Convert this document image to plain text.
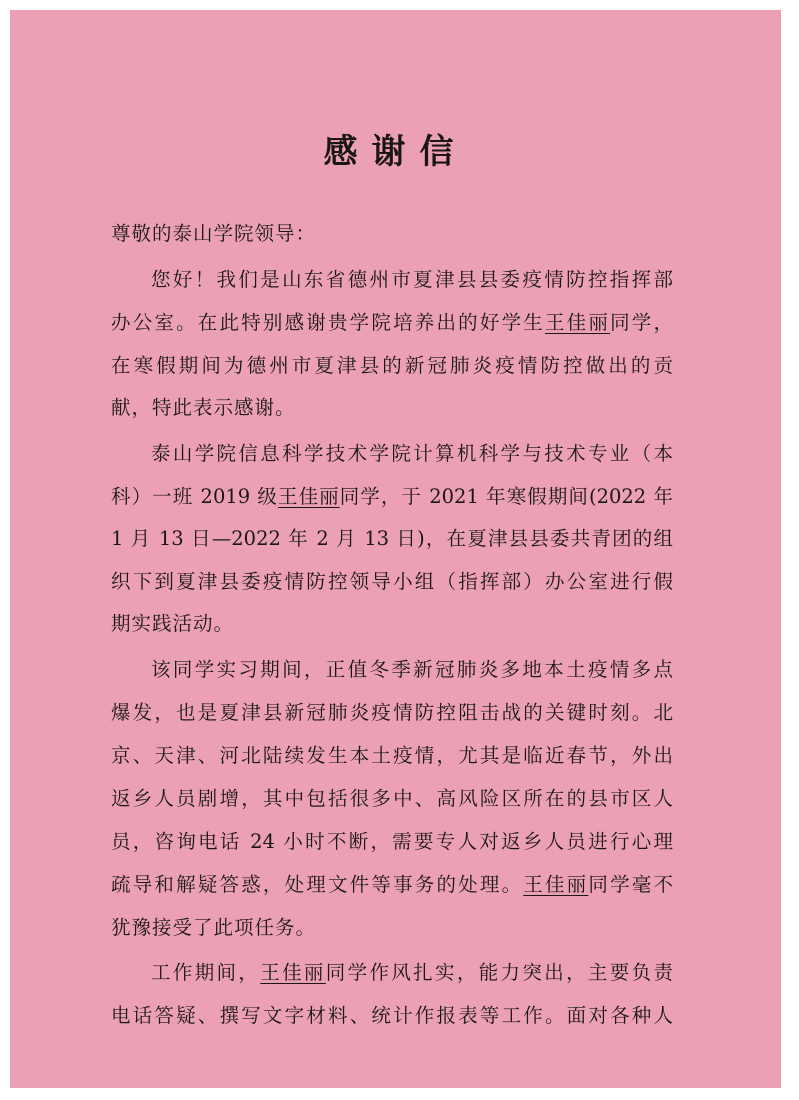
感谢信
尊敬的泰山学院领导：
您好！我们是山东省德州市夏津县县委疫情防控指挥部
办公室。在此特别感谢贵学院培养出的好学生王佳丽同学，
在寒假期间为德州市夏津县的新冠肺炎疫情防控做出的贡
献，特此表示感谢。
泰山学院信息科学技术学院计算机科学与技术专业（本
科）一班 2019 级王佳丽同学，于 2021 年寒假期间(2022 年
1 月 13 日—2022 年 2 月 13 日)，在夏津县县委共青团的组
织下到夏津县委疫情防控领导小组（指挥部）办公室进行假
期实践活动。
该同学实习期间，正值冬季新冠肺炎多地本土疫情多点
爆发，也是夏津县新冠肺炎疫情防控阻击战的关键时刻。北
京、天津、河北陆续发生本土疫情，尤其是临近春节，外出
返乡人员剧增，其中包括很多中、高风险区所在的县市区人
员，咨询电话 24 小时不断，需要专人对返乡人员进行心理
疏导和解疑答惑，处理文件等事务的处理。王佳丽同学毫不
犹豫接受了此项任务。
工作期间，王佳丽同学作风扎实，能力突出，主要负责
电话答疑、撰写文字材料、统计作报表等工作。面对各种人
